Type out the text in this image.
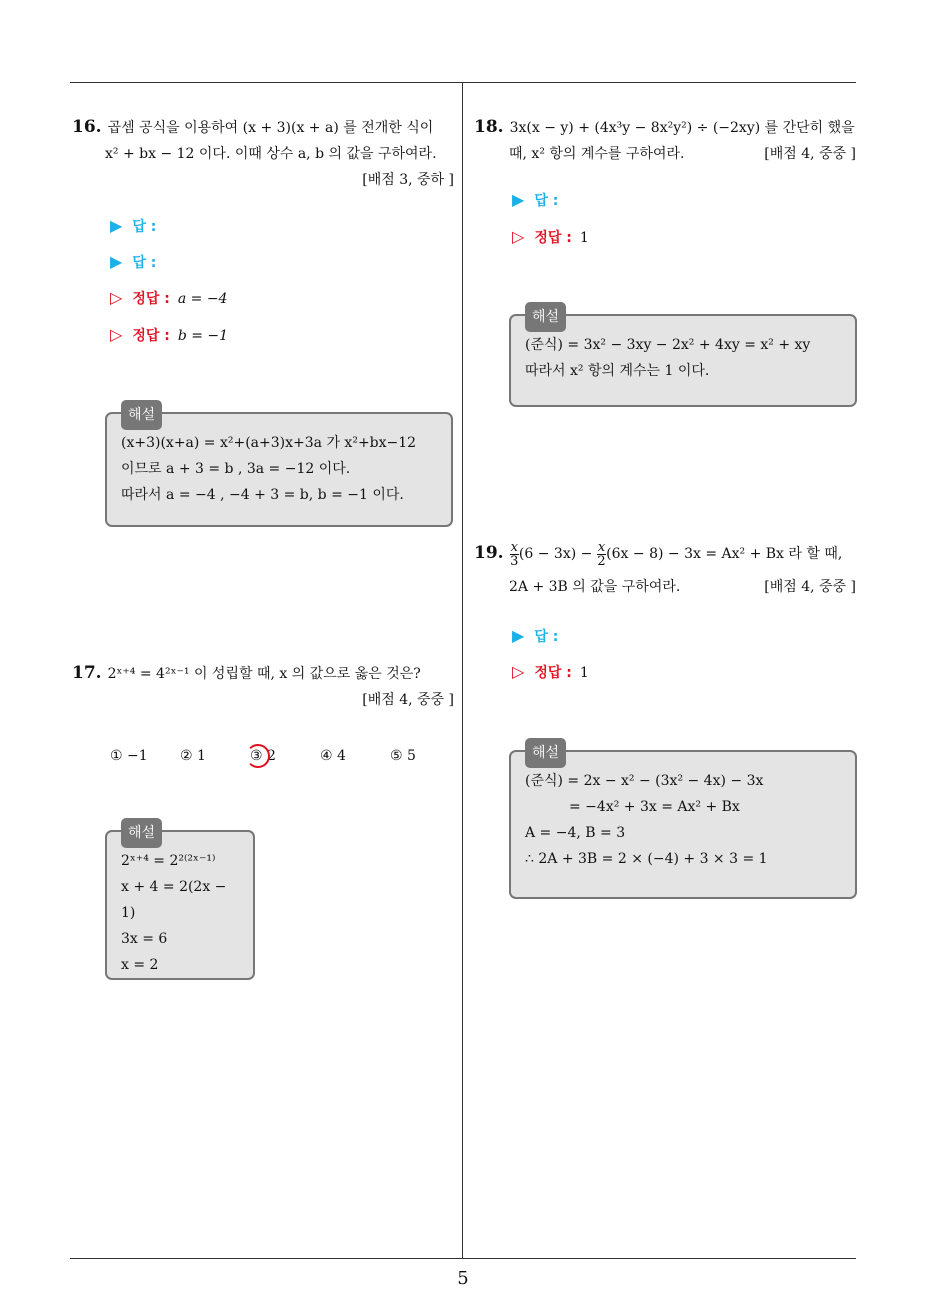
5
16. 곱셈 공식을 이용하여 (x + 3)(x + a) 를 전개한 식이
x² + bx − 12 이다. 이때 상수 a, b 의 값을 구하여라.
[배점 3, 중하 ]
▶ 답 :
▶ 답 :
▷ 정답 : a = −4
▷ 정답 : b = −1
해설
(x+3)(x+a) = x²+(a+3)x+3a 가 x²+bx−12
이므로 a + 3 = b , 3a = −12 이다.
따라서 a = −4 , −4 + 3 = b, b = −1 이다.
17. 2ˣ⁺⁴ = 4²ˣ⁻¹ 이 성립할 때, x 의 값으로 옳은 것은?
[배점 4, 중중 ]
① −1 ② 1	③ 2	④ 4	⑤ 5
해설
2ˣ⁺⁴ = 2²⁽²ˣ⁻¹⁾
x + 4 = 2(2x − 1)
3x = 6
x = 2
18. 3x(x − y) + (4x³y − 8x²y²) ÷ (−2xy) 를 간단히 했을
때, x² 항의 계수를 구하여라.	[배점 4, 중중 ]
▶ 답 :
▷ 정답 : 1
해설
(준식) = 3x² − 3xy − 2x² + 4xy = x² + xy
따라서 x² 항의 계수는 1 이다.
19. $\frac{x}{3} (6 - 3x) - \frac{x}{2} (6x - 8) - 3x = Ax^2 + Bx$ 라 할 때,
2A + 3B 의 값을 구하여라.	[배점 4, 중중 ]
▶ 답 :
▷ 정답 : 1
해설
(준식) = 2x − x² − (3x² − 4x) − 3x
= −4x² + 3x = Ax² + Bx
A = −4, B = 3
∴ 2A + 3B = 2 × (−4) + 3 × 3 = 1
